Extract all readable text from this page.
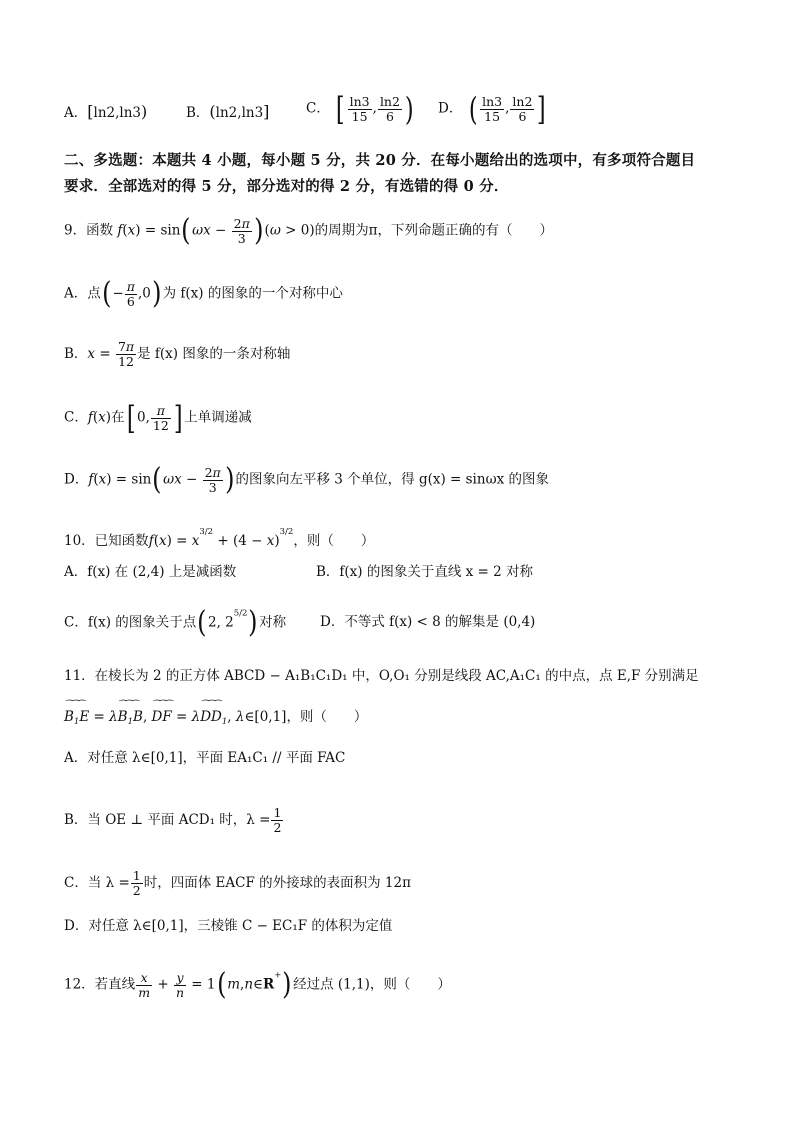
A．[ln2,ln3)	B．(ln2,ln3]	C． [ $\frac{\ln 3}{15}$ , $\frac{\ln 2}{6}$ ) D． ( $\frac{\ln 3}{15}$ , $\frac{\ln 2}{6}$ ]
二、多选题：本题共 4 小题，每小题 5 分，共 20 分．在每小题给出的选项中，有多项符合题目
要求．全部选对的得 5 分，部分选对的得 2 分，有选错的得 0 分．
9．函数 $f(x) = \sin(\omega x - \frac{2\pi}{3} )(\omega > 0)$的周期为π，下列命题正确的有（　　）
A．点(− $\frac{\pi}{6} ,0$)为 f(x) 的图象的一个对称中心
B．$x = \frac{7\pi}{12}$ 是 f(x) 图象的一条对称轴
C．f(x)在[ 0, $\frac{\pi}{12}$ ] 上单调递减
D．$f(x) = \sin(\omega x - \frac{2\pi}{3}$ )的图象向左平移 3 个单位，得 g(x) = sinωx 的图象
10．已知函数$f(x) = x^{3/2} + (4 - x)^{3/2}$，则（　　）
A．f(x) 在 (2,4) 上是减函数	B．f(x) 的图象关于直线 x = 2 对称
C．f(x) 的图象关于点(2, $2^{5/2}$)对称	D．不等式 f(x) < 8 的解集是 (0,4)
11．在棱长为 2 的正方体 ABCD − A₁B₁C₁D₁ 中，O,O₁ 分别是线段 AC,A₁C₁ 的中点，点 E,F 分别满足
⁀⁀⁀ $B_1E$ = λ⁀⁀⁀ $B_1B$, ⁀⁀⁀ DF = λ⁀⁀⁀ $DD_1$, λ∈[0,1]，则（　　）
A．对任意 λ∈[0,1]，平面 EA₁C₁ // 平面 FAC
B．当 OE ⊥ 平面 ACD₁ 时，$\lambda = \frac{1}{2}$
C．当 $\lambda = \frac{1}{2}$ 时，四面体 EACF 的外接球的表面积为 12π
D．对任意 λ∈[0,1]，三棱锥 C − EC₁F 的体积为定值
12．若直线 $\frac{x}{m} + \frac{y}{n}$ = 1(m,n∈R+)经过点 (1,1)，则（　　）
